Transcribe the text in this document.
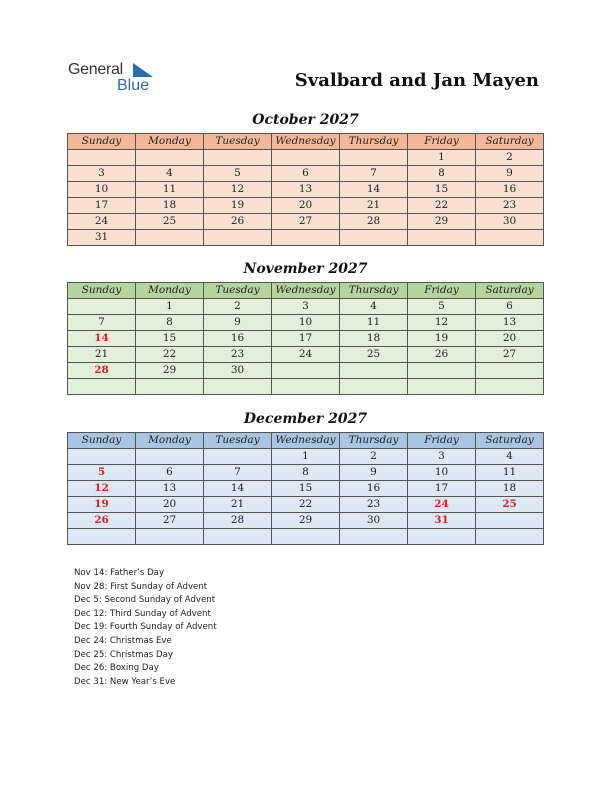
General
Blue	Svalbard and Jan Mayen
October 2027
Sunday	Monday	Tuesday	Wednesday	Thursday	Friday	Saturday
					1	2
3	4	5	6	7	8	9
10	11	12	13	14	15	16
17	18	19	20	21	22	23
24	25	26	27	28	29	30
31						
November 2027
Sunday	Monday	Tuesday	Wednesday	Thursday	Friday	Saturday
	1	2	3	4	5	6
7	8	9	10	11	12	13
14	15	16	17	18	19	20
21	22	23	24	25	26	27
28	29	30				

December 2027
Sunday	Monday	Tuesday	Wednesday	Thursday	Friday	Saturday
			1	2	3	4
5	6	7	8	9	10	11
12	13	14	15	16	17	18
19	20	21	22	23	24	25
26	27	28	29	30	31	

Nov 14: Father’s Day
Nov 28: First Sunday of Advent
Dec 5: Second Sunday of Advent
Dec 12: Third Sunday of Advent
Dec 19: Fourth Sunday of Advent
Dec 24: Christmas Eve
Dec 25: Christmas Day
Dec 26: Boxing Day
Dec 31: New Year’s Eve
